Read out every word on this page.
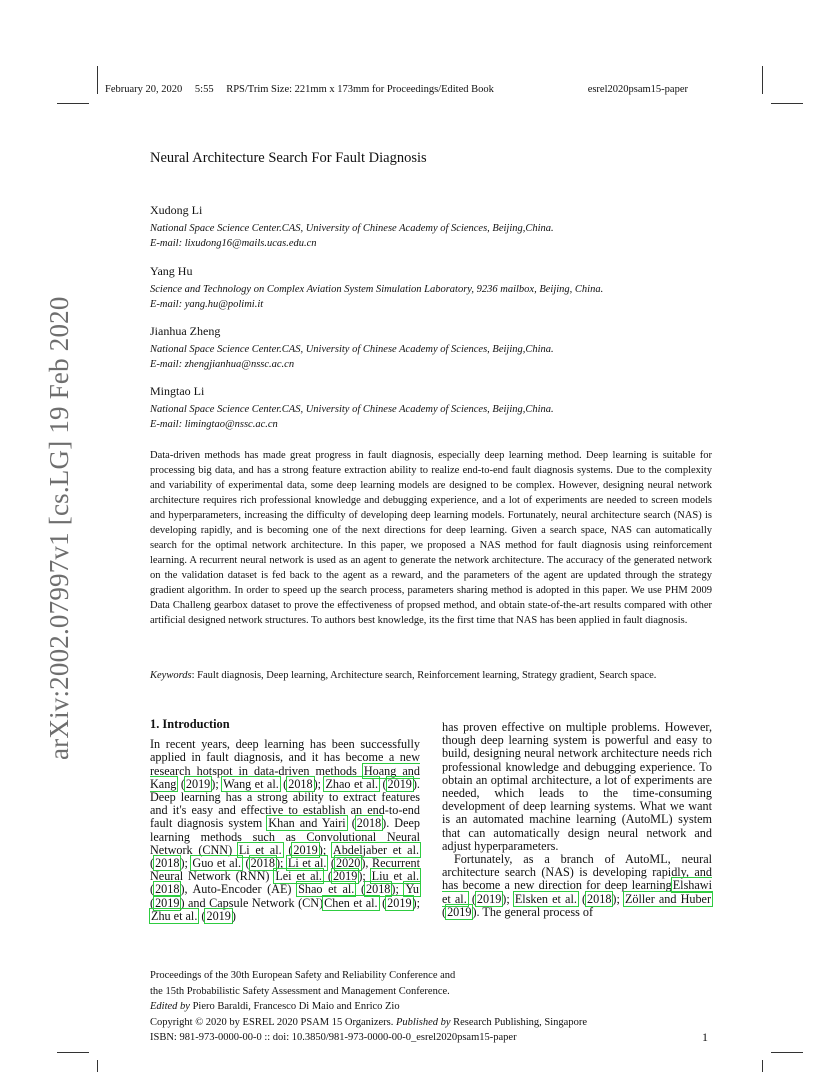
February 20, 2020 5:55 RPS/Trim Size: 221mm x 173mm for Proceedings/Edited Book	esrel2020psam15-paper
arXiv:2002.07997v1 [cs.LG] 19 Feb 2020
Neural Architecture Search For Fault Diagnosis
Xudong Li
National Space Science Center.CAS, University of Chinese Academy of Sciences, Beijing,China.
E-mail: lixudong16@mails.ucas.edu.cn
Yang Hu
Science and Technology on Complex Aviation System Simulation Laboratory, 9236 mailbox, Beijing, China.
E-mail: yang.hu@polimi.it
Jianhua Zheng
National Space Science Center.CAS, University of Chinese Academy of Sciences, Beijing,China.
E-mail: zhengjianhua@nssc.ac.cn
Mingtao Li
National Space Science Center.CAS, University of Chinese Academy of Sciences, Beijing,China.
E-mail: limingtao@nssc.ac.cn
Data-driven methods has made great progress in fault diagnosis, especially deep learning method. Deep learning is suitable for processing big data, and has a strong feature extraction ability to realize end-to-end fault diagnosis systems. Due to the complexity and variability of experimental data, some deep learning models are designed to be complex. However, designing neural network architecture requires rich professional knowledge and debugging experience, and a lot of experiments are needed to screen models and hyperparameters, increasing the difficulty of developing deep learning models. Fortunately, neural architecture search (NAS) is developing rapidly, and is becoming one of the next directions for deep learning. Given a search space, NAS can automatically search for the optimal network architecture. In this paper, we proposed a NAS method for fault diagnosis using reinforcement learning. A recurrent neural network is used as an agent to generate the network architecture. The accuracy of the generated network on the validation dataset is fed back to the agent as a reward, and the parameters of the agent are updated through the strategy gradient algorithm. In order to speed up the search process, parameters sharing method is adopted in this paper. We use PHM 2009 Data Challeng gearbox dataset to prove the effectiveness of propsed method, and obtain state-of-the-art results compared with other artificial designed network structures. To authors best knowledge, its the first time that NAS has been applied in fault diagnosis.
Keywords: Fault diagnosis, Deep learning, Architecture search, Reinforcement learning, Strategy gradient, Search space.
1. Introduction
In recent years, deep learning has been successfully applied in fault diagnosis, and it has become a new research hotspot in data-driven methods Hoang and Kang (2019); Wang et al. (2018); Zhao et al. (2019). Deep learning has a strong ability to extract features and it's easy and effective to establish an end-to-end fault diagnosis system Khan and Yairi (2018). Deep learning methods such as Convolutional Neural Network (CNN) Li et al. (2019); Abdeljaber et al. (2018); Guo et al. (2018); Li et al. (2020), Recurrent Neural Network (RNN) Lei et al. (2019); Liu et al. (2018), Auto-Encoder (AE) Shao et al. (2018); Yu (2019) and Capsule Network (CN)Chen et al. (2019); Zhu et al. (2019)
has proven effective on multiple problems. However, though deep learning system is powerful and easy to build, designing neural network architecture needs rich professional knowledge and debugging experience. To obtain an optimal architecture, a lot of experiments are needed, which leads to the time-consuming development of deep learning systems. What we want is an automated machine learning (AutoML) system that can automatically design neural network and adjust hyperparameters.
Fortunately, as a branch of AutoML, neural architecture search (NAS) is developing rapidly, and has become a new direction for deep learningElshawi et al. (2019); Elsken et al. (2018); Zöller and Huber (2019). The general process of
Proceedings of the 30th European Safety and Reliability Conference and
the 15th Probabilistic Safety Assessment and Management Conference.
Edited by Piero Baraldi, Francesco Di Maio and Enrico Zio
Copyright © 2020 by ESREL 2020 PSAM 15 Organizers. Published by Research Publishing, Singapore
ISBN: 981-973-0000-00-0 :: doi: 10.3850/981-973-0000-00-0_esrel2020psam15-paper	1
